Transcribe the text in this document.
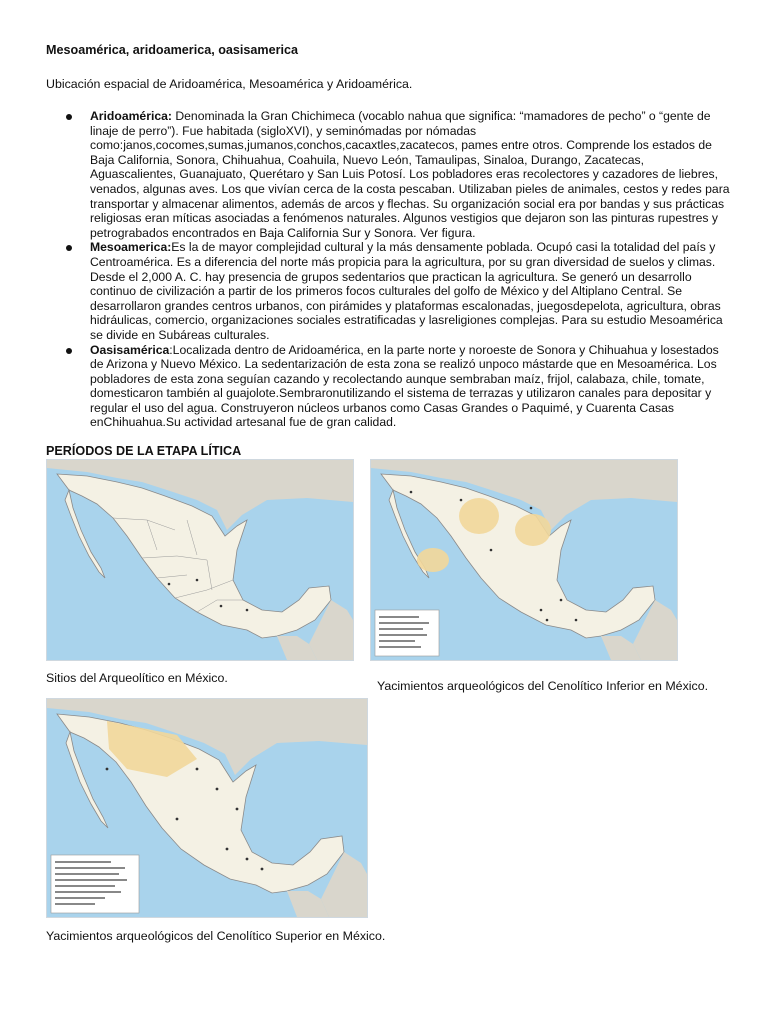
Mesoamérica, aridoamerica, oasisamerica
Ubicación espacial de Aridoamérica, Mesoamérica y Aridoamérica.
Aridoamérica: Denominada la Gran Chichimeca (vocablo nahua que significa: “mamadores de pecho” o “gente de linaje de perro”). Fue habitada (sigloXVI), y seminómadas por nómadas como:janos,cocomes,sumas,jumanos,conchos,cacaxtles,zacatecos, pames entre otros. Comprende los estados de Baja California, Sonora, Chihuahua, Coahuila, Nuevo León, Tamaulipas, Sinaloa, Durango, Zacatecas, Aguascalientes, Guanajuato, Querétaro y San Luis Potosí. Los pobladores eras recolectores y cazadores de liebres, venados, algunas aves. Los que vivían cerca de la costa pescaban. Utilizaban pieles de animales, cestos y redes para transportar y almacenar alimentos, además de arcos y flechas. Su organización social era por bandas y sus prácticas religiosas eran míticas asociadas a fenómenos naturales. Algunos vestigios que dejaron son las pinturas rupestres y petrograbados encontrados en Baja California Sur y Sonora. Ver figura.
Mesoamerica:Es la de mayor complejidad cultural y la más densamente poblada. Ocupó casi la totalidad del país y Centroamérica. Es a diferencia del norte más propicia para la agricultura, por su gran diversidad de suelos y climas. Desde el 2,000 A. C. hay presencia de grupos sedentarios que practican la agricultura. Se generó un desarrollo continuo de civilización a partir de los primeros focos culturales del golfo de México y del Altiplano Central. Se desarrollaron grandes centros urbanos, con pirámides y plataformas escalonadas, juegosdepelota, agricultura, obras hidráulicas, comercio, organizaciones sociales estratificadas y lasreligiones complejas. Para su estudio Mesoamérica se divide en Subáreas culturales.
Oasisamérica:Localizada dentro de Aridoamérica, en la parte norte y noroeste de Sonora y Chihuahua y losestados de Arizona y Nuevo México. La sedentarización de esta zona se realizó unpoco mástarde que en Mesoamérica. Los pobladores de esta zona seguían cazando y recolectando aunque sembraban maíz, frijol, calabaza, chile, tomate, domesticaron también al guajolote.Sembraronutilizando el sistema de terrazas y utilizaron canales para depositar y regular el uso del agua. Construyeron núcleos urbanos como Casas Grandes o Paquimé, y Cuarenta Casas enChihuahua.Su actividad artesanal fue de gran calidad.
PERÍODOS DE LA ETAPA LÍTICA
Sitios del Arqueolítico en México.
Yacimientos arqueológicos del Cenolítico Inferior en México.
Yacimientos arqueológicos del Cenolítico Superior en México.
